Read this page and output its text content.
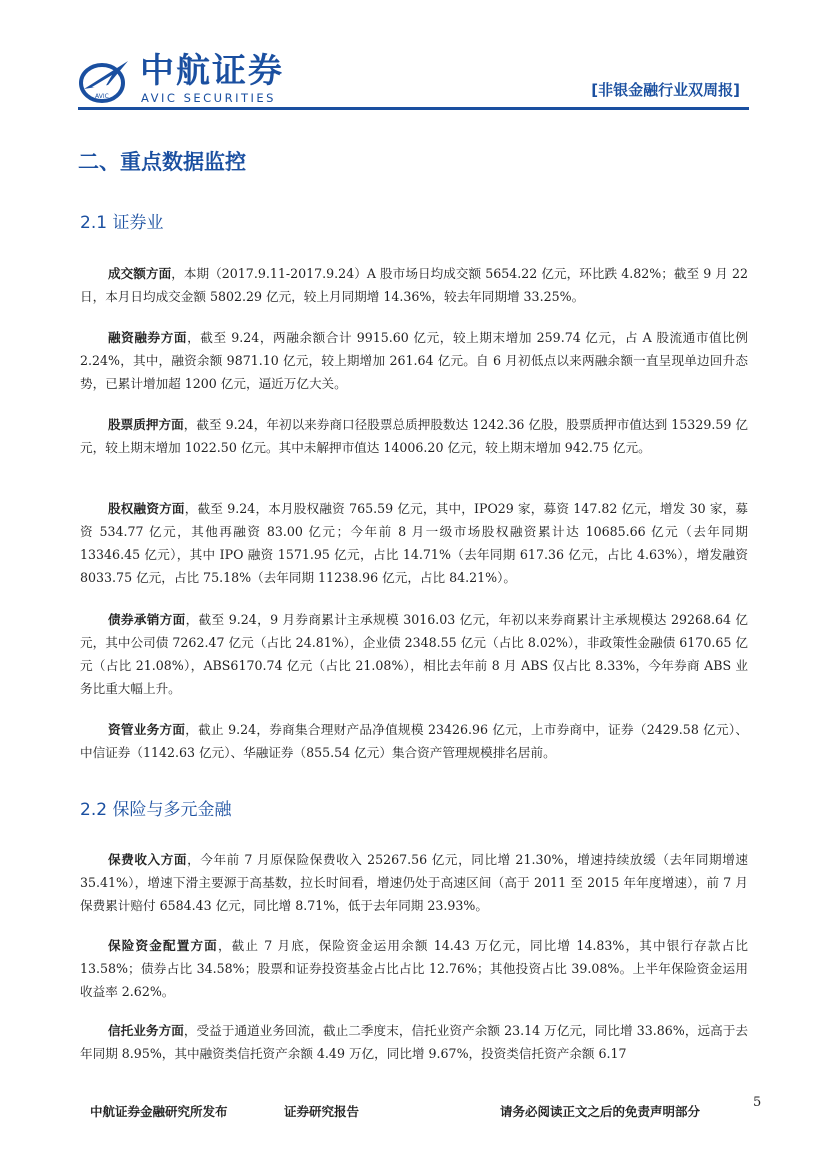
AVIC
中航证券
AVIC SECURITIES	[非银金融行业双周报]
二、重点数据监控
2.1 证券业

成交额方面，本期（2017.9.11-2017.9.24）A 股市场日均成交额 5654.22 亿元，环比跌 4.82%；截至 9 月 22 日，本月日均成交金额 5802.29 亿元，较上月同期增 14.36%，较去年同期增 33.25%。

融资融券方面，截至 9.24，两融余额合计 9915.60 亿元，较上期末增加 259.74 亿元，占 A 股流通市值比例 2.24%，其中，融资余额 9871.10 亿元，较上期增加 261.64 亿元。自 6 月初低点以来两融余额一直呈现单边回升态势，已累计增加超 1200 亿元，逼近万亿大关。

股票质押方面，截至 9.24，年初以来券商口径股票总质押股数达 1242.36 亿股，股票质押市值达到 15329.59 亿元，较上期末增加 1022.50 亿元。其中未解押市值达 14006.20 亿元，较上期末增加 942.75 亿元。

股权融资方面，截至 9.24，本月股权融资 765.59 亿元，其中，IPO29 家，募资 147.82 亿元，增发 30 家，募资 534.77 亿元，其他再融资 83.00 亿元；今年前 8 月一级市场股权融资累计达 10685.66 亿元（去年同期 13346.45 亿元），其中 IPO 融资 1571.95 亿元，占比 14.71%（去年同期 617.36 亿元，占比 4.63%），增发融资 8033.75 亿元，占比 75.18%（去年同期 11238.96 亿元，占比 84.21%）。

债券承销方面，截至 9.24，9 月券商累计主承规模 3016.03 亿元，年初以来券商累计主承规模达 29268.64 亿元，其中公司债 7262.47 亿元（占比 24.81%），企业债 2348.55 亿元（占比 8.02%），非政策性金融债 6170.65 亿元（占比 21.08%），ABS6170.74 亿元（占比 21.08%），相比去年前 8 月 ABS 仅占比 8.33%，今年券商 ABS 业务比重大幅上升。

资管业务方面，截止 9.24，券商集合理财产品净值规模 23426.96 亿元，上市券商中，证券（2429.58 亿元）、中信证券（1142.63 亿元）、华融证券（855.54 亿元）集合资产管理规模排名居前。

2.2 保险与多元金融

保费收入方面，今年前 7 月原保险保费收入 25267.56 亿元，同比增 21.30%，增速持续放缓（去年同期增速 35.41%），增速下滑主要源于高基数，拉长时间看，增速仍处于高速区间（高于 2011 至 2015 年年度增速），前 7 月保费累计赔付 6584.43 亿元，同比增 8.71%，低于去年同期 23.93%。

保险资金配置方面，截止 7 月底，保险资金运用余额 14.43 万亿元，同比增 14.83%，其中银行存款占比 13.58%；债券占比 34.58%；股票和证券投资基金占比占比 12.76%；其他投资占比 39.08%。上半年保险资金运用收益率 2.62%。

信托业务方面，受益于通道业务回流，截止二季度末，信托业资产余额 23.14 万亿元，同比增 33.86%，远高于去年同期 8.95%，其中融资类信托资产余额 4.49 万亿，同比增 9.67%，投资类信托资产余额 6.17

中航证券金融研究所发布	证券研究报告	请务必阅读正文之后的免责声明部分
5
